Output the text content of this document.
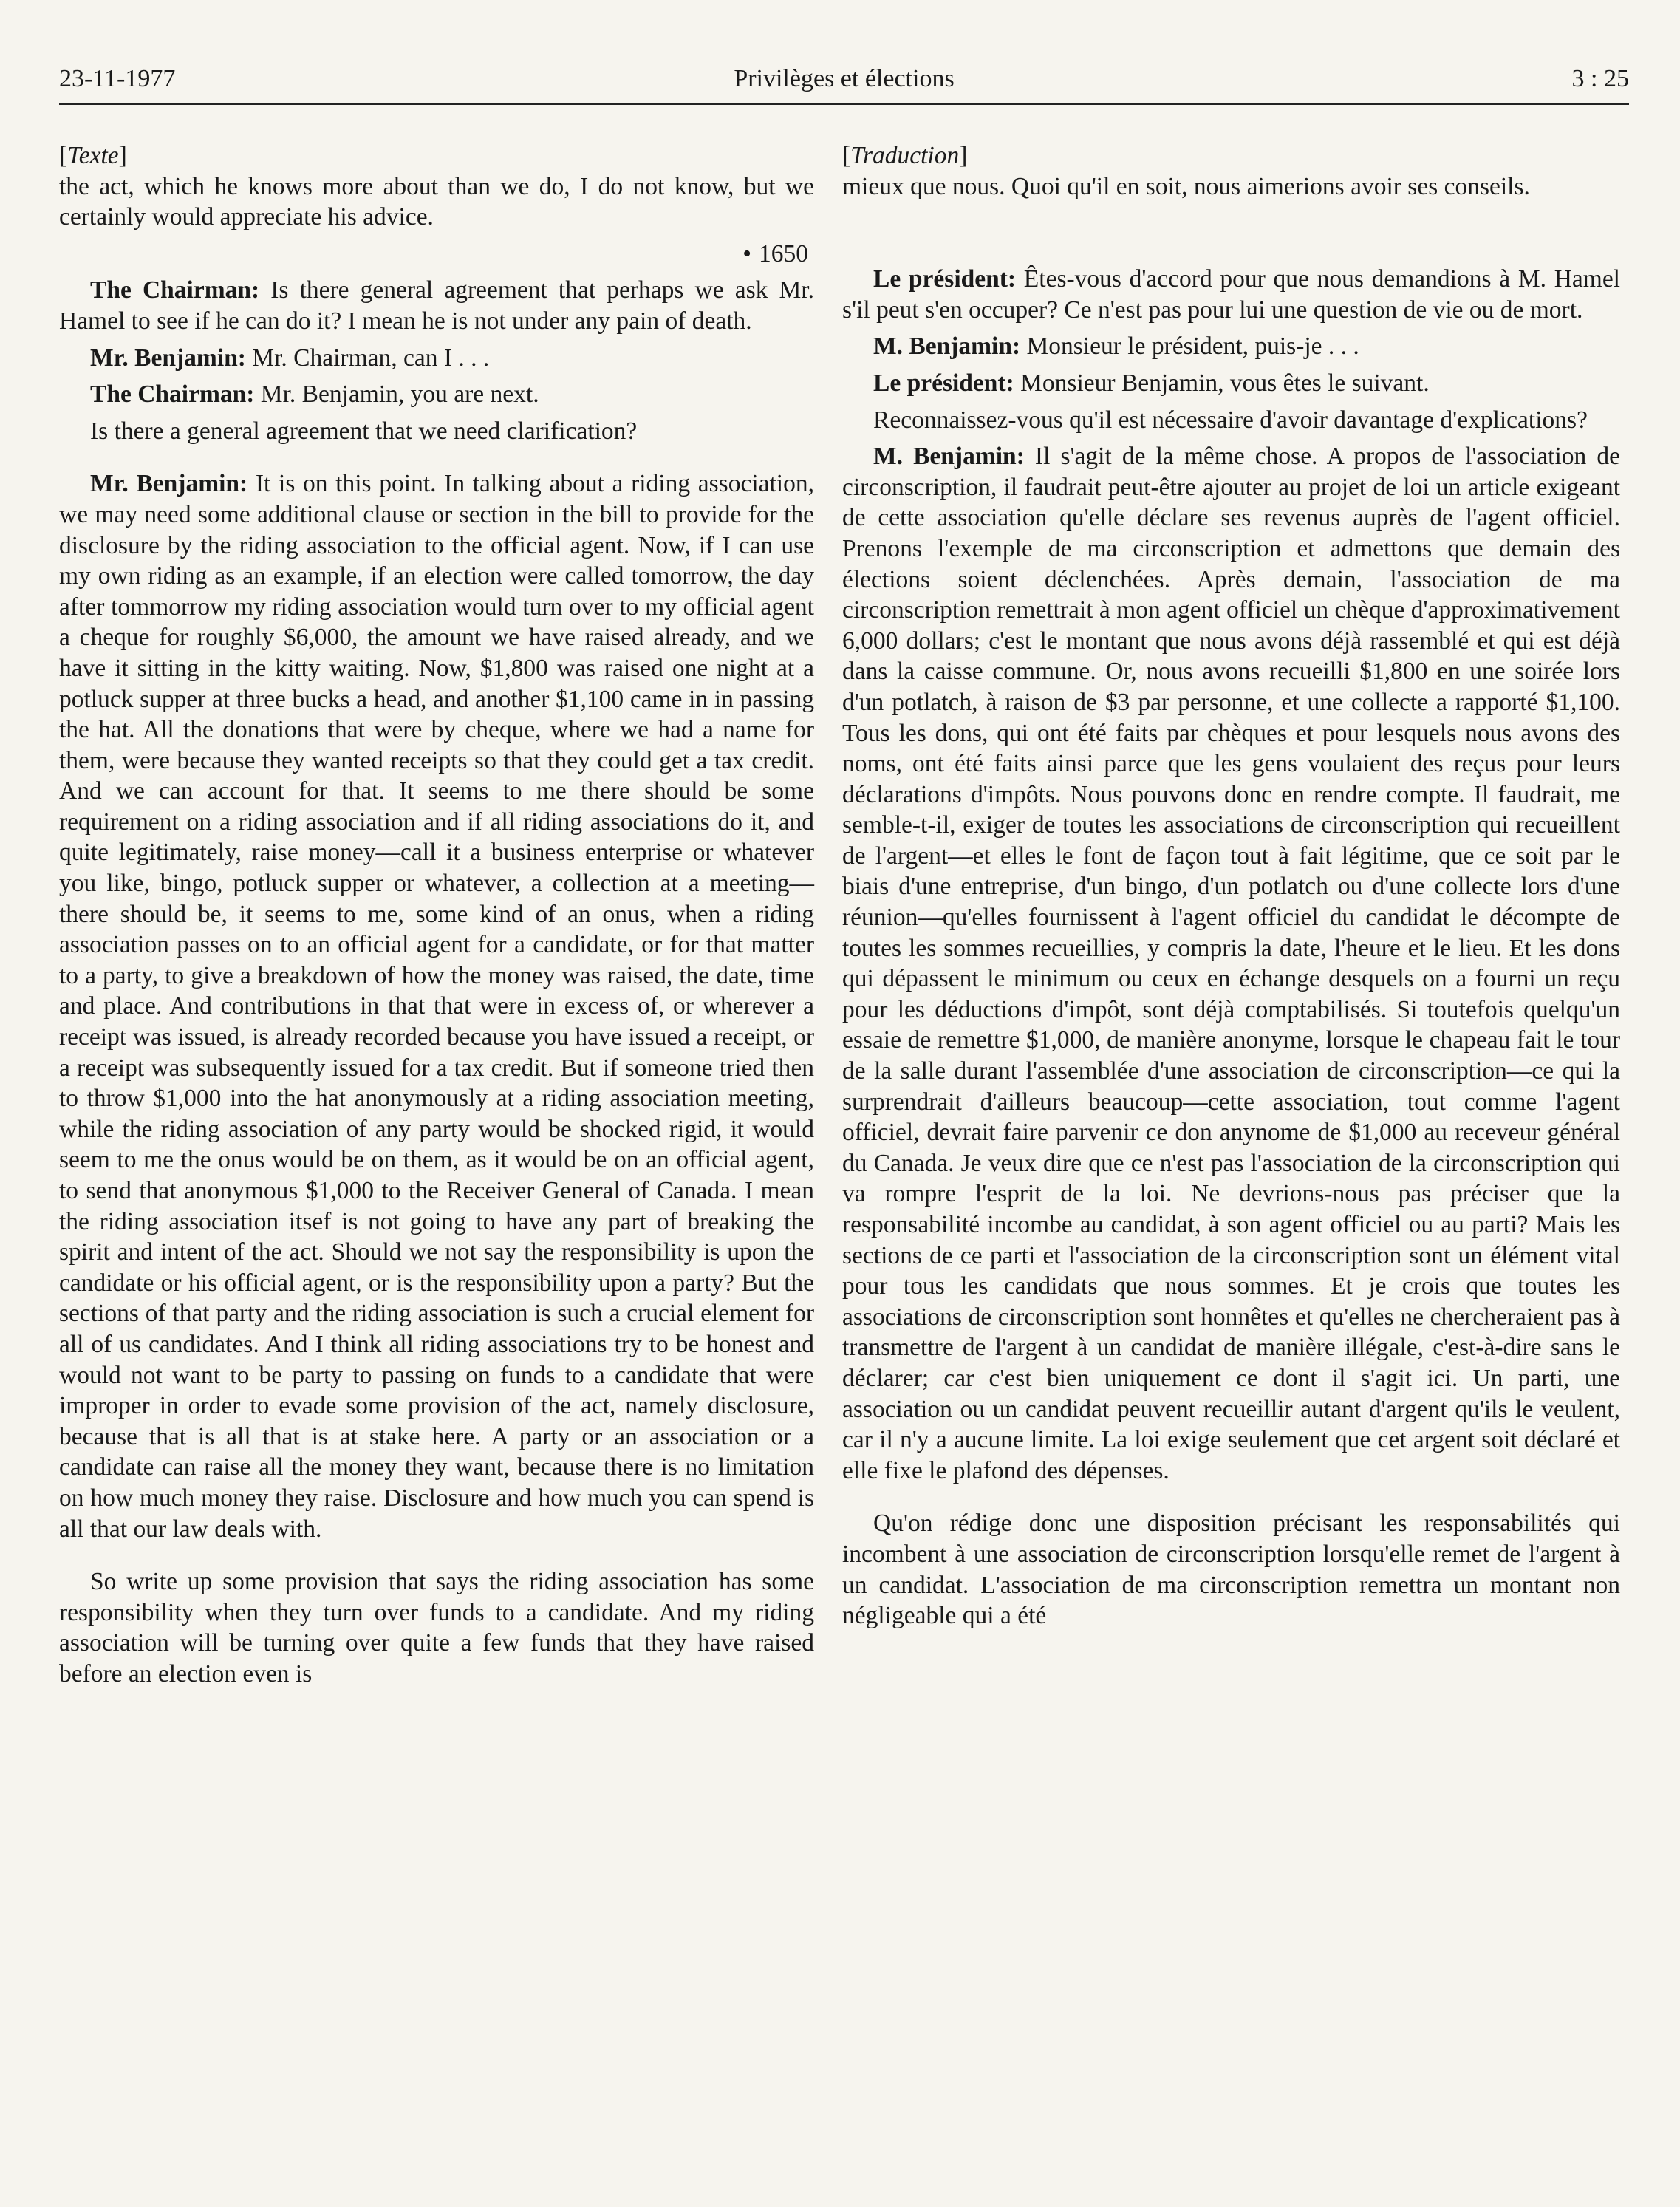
23-11-1977	Privilèges et élections	3 : 25

[Texte]

the act, which he knows more about than we do, I do not know, but we certainly would appreciate his advice.

• 1650

The Chairman: Is there general agreement that perhaps we ask Mr. Hamel to see if he can do it? I mean he is not under any pain of death.

Mr. Benjamin: Mr. Chairman, can I . . .

The Chairman: Mr. Benjamin, you are next.

Is there a general agreement that we need clarification?

Mr. Benjamin: It is on this point. In talking about a riding association, we may need some additional clause or section in the bill to provide for the disclosure by the riding association to the official agent. Now, if I can use my own riding as an example, if an election were called tomorrow, the day after tommorrow my riding association would turn over to my official agent a cheque for roughly $6,000, the amount we have raised already, and we have it sitting in the kitty waiting. Now, $1,800 was raised one night at a potluck supper at three bucks a head, and another $1,100 came in in passing the hat. All the donations that were by cheque, where we had a name for them, were because they wanted receipts so that they could get a tax credit. And we can account for that. It seems to me there should be some requirement on a riding association and if all riding associations do it, and quite legitimately, raise money—call it a business enterprise or whatever you like, bingo, potluck supper or whatever, a collection at a meeting—there should be, it seems to me, some kind of an onus, when a riding association passes on to an official agent for a candidate, or for that matter to a party, to give a breakdown of how the money was raised, the date, time and place. And contributions in that that were in excess of, or wherever a receipt was issued, is already recorded because you have issued a receipt, or a receipt was subsequently issued for a tax credit. But if someone tried then to throw $1,000 into the hat anonymously at a riding association meeting, while the riding association of any party would be shocked rigid, it would seem to me the onus would be on them, as it would be on an official agent, to send that anonymous $1,000 to the Receiver General of Canada. I mean the riding association itsef is not going to have any part of breaking the spirit and intent of the act. Should we not say the responsibility is upon the candidate or his official agent, or is the responsibility upon a party? But the sections of that party and the riding association is such a crucial element for all of us candidates. And I think all riding associations try to be honest and would not want to be party to passing on funds to a candidate that were improper in order to evade some provision of the act, namely disclosure, because that is all that is at stake here. A party or an association or a candidate can raise all the money they want, because there is no limitation on how much money they raise. Disclosure and how much you can spend is all that our law deals with.

So write up some provision that says the riding association has some responsibility when they turn over funds to a candidate. And my riding association will be turning over quite a few funds that they have raised before an election even is

[Traduction]

mieux que nous. Quoi qu'il en soit, nous aimerions avoir ses conseils.

Le président: Êtes-vous d'accord pour que nous demandions à M. Hamel s'il peut s'en occuper? Ce n'est pas pour lui une question de vie ou de mort.

M. Benjamin: Monsieur le président, puis-je . . .

Le président: Monsieur Benjamin, vous êtes le suivant.

Reconnaissez-vous qu'il est nécessaire d'avoir davantage d'explications?

M. Benjamin: Il s'agit de la même chose. A propos de l'association de circonscription, il faudrait peut-être ajouter au projet de loi un article exigeant de cette association qu'elle déclare ses revenus auprès de l'agent officiel. Prenons l'exemple de ma circonscription et admettons que demain des élections soient déclenchées. Après demain, l'association de ma circonscription remettrait à mon agent officiel un chèque d'approximativement 6,000 dollars; c'est le montant que nous avons déjà rassemblé et qui est déjà dans la caisse commune. Or, nous avons recueilli $1,800 en une soirée lors d'un potlatch, à raison de $3 par personne, et une collecte a rapporté $1,100. Tous les dons, qui ont été faits par chèques et pour lesquels nous avons des noms, ont été faits ainsi parce que les gens voulaient des reçus pour leurs déclarations d'impôts. Nous pouvons donc en rendre compte. Il faudrait, me semble-t-il, exiger de toutes les associations de circonscription qui recueillent de l'argent—et elles le font de façon tout à fait légitime, que ce soit par le biais d'une entreprise, d'un bingo, d'un potlatch ou d'une collecte lors d'une réunion—qu'elles fournissent à l'agent officiel du candidat le décompte de toutes les sommes recueillies, y compris la date, l'heure et le lieu. Et les dons qui dépassent le minimum ou ceux en échange desquels on a fourni un reçu pour les déductions d'impôt, sont déjà comptabilisés. Si toutefois quelqu'un essaie de remettre $1,000, de manière anonyme, lorsque le chapeau fait le tour de la salle durant l'assemblée d'une association de circonscription—ce qui la surprendrait d'ailleurs beaucoup—cette association, tout comme l'agent officiel, devrait faire parvenir ce don anynome de $1,000 au receveur général du Canada. Je veux dire que ce n'est pas l'association de la circonscription qui va rompre l'esprit de la loi. Ne devrions-nous pas préciser que la responsabilité incombe au candidat, à son agent officiel ou au parti? Mais les sections de ce parti et l'association de la circonscription sont un élément vital pour tous les candidats que nous sommes. Et je crois que toutes les associations de circonscription sont honnêtes et qu'elles ne chercheraient pas à transmettre de l'argent à un candidat de manière illégale, c'est-à-dire sans le déclarer; car c'est bien uniquement ce dont il s'agit ici. Un parti, une association ou un candidat peuvent recueillir autant d'argent qu'ils le veulent, car il n'y a aucune limite. La loi exige seulement que cet argent soit déclaré et elle fixe le plafond des dépenses.

Qu'on rédige donc une disposition précisant les responsabilités qui incombent à une association de circonscription lorsqu'elle remet de l'argent à un candidat. L'association de ma circonscription remettra un montant non négligeable qui a été
